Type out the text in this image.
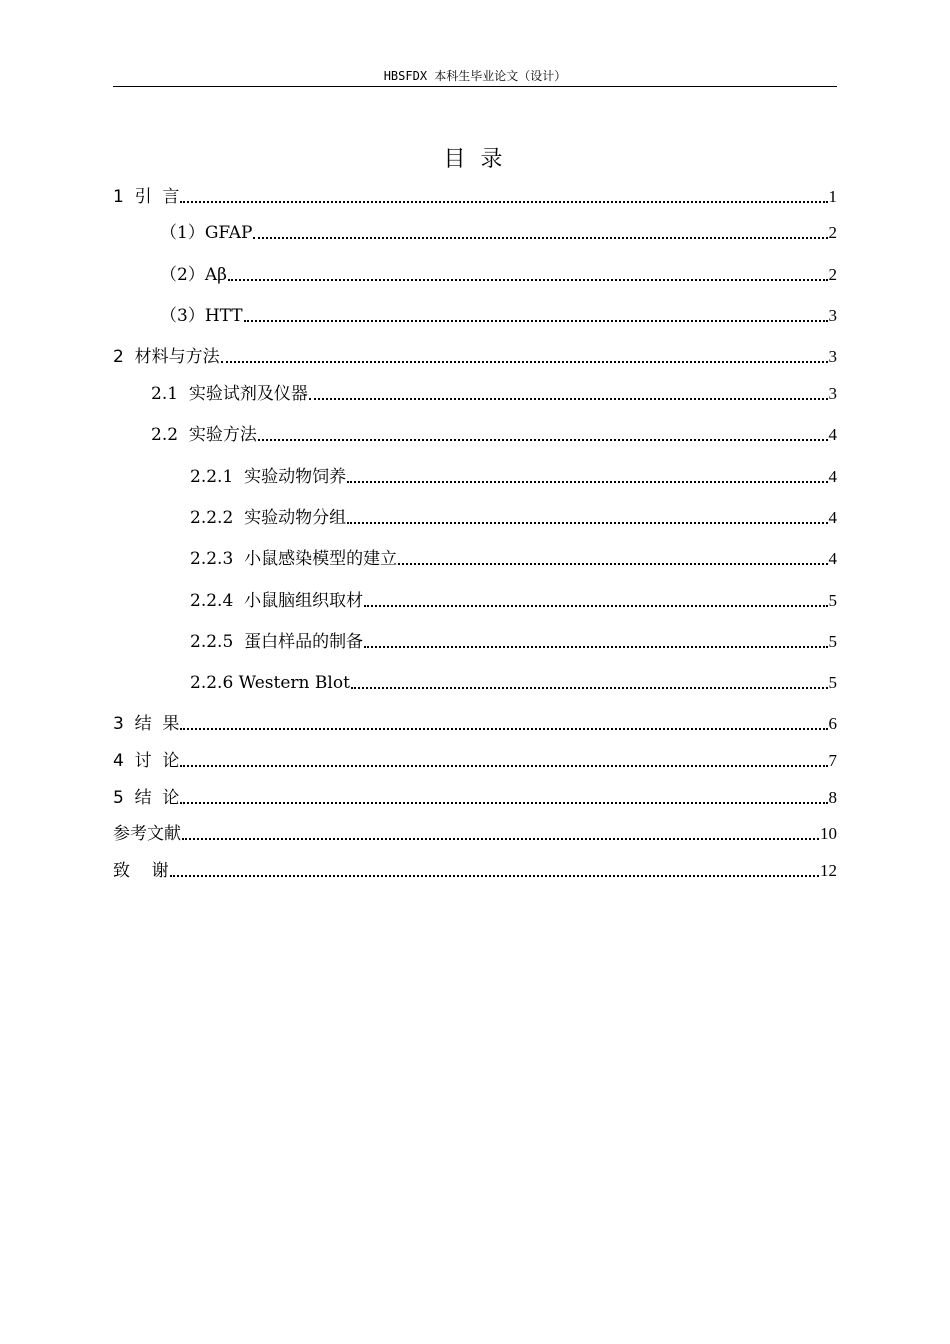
HBSFDX 本科生毕业论文（设计）
目 录
1  引  言	1
（1）GFAP	2
（2）Aβ	2
（3）HTT	3
2  材料与方法	3
2.1  实验试剂及仪器	3
2.2  实验方法	4
2.2.1  实验动物饲养	4
2.2.2  实验动物分组	4
2.2.3  小鼠感染模型的建立	4
2.2.4  小鼠脑组织取材	5
2.2.5  蛋白样品的制备	5
2.2.6 Western Blot	5
3  结  果	6
4  讨  论	7
5  结  论	8
参考文献	10
致    谢	12
